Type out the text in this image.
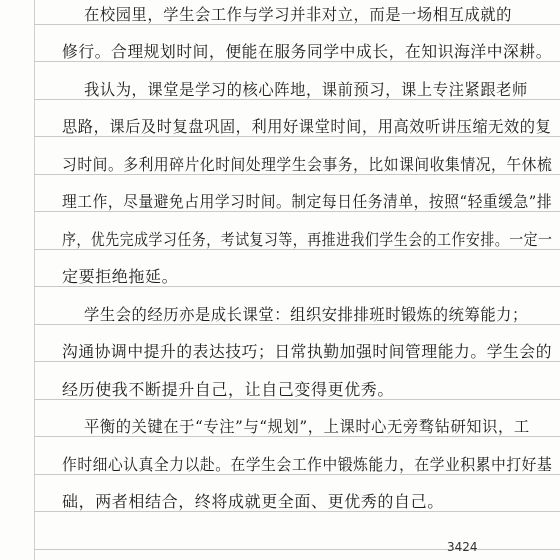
在校园里，学生会工作与学习并非对立，而是一场相互成就的
修行。合理规划时间，便能在服务同学中成长，在知识海洋中深耕。
我认为，课堂是学习的核心阵地，课前预习，课上专注紧跟老师
思路，课后及时复盘巩固，利用好课堂时间，用高效听讲压缩无效的复
习时间。多利用碎片化时间处理学生会事务，比如课间收集情况，午休梳
理工作，尽量避免占用学习时间。制定每日任务清单，按照“轻重缓急”排
序，优先完成学习任务，考试复习等，再推进我们学生会的工作安排。一定一
定要拒绝拖延。
学生会的经历亦是成长课堂：组织安排排班时锻炼的统筹能力；
沟通协调中提升的表达技巧；日常执勤加强时间管理能力。学生会的
经历使我不断提升自己，让自己变得更优秀。
平衡的关键在于“专注”与“规划”，上课时心无旁骛钻研知识，工
作时细心认真全力以赴。在学生会工作中锻炼能力，在学业积累中打好基
础，两者相结合，终将成就更全面、更优秀的自己。
3424
